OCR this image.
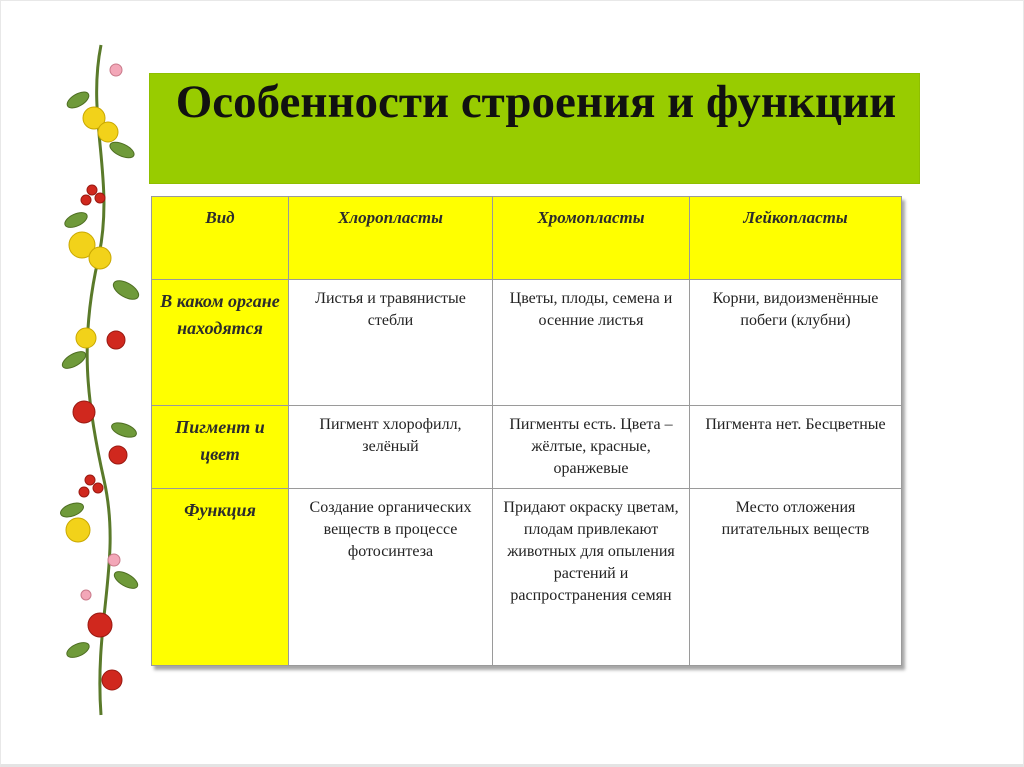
Особенности строения и функции
Вид	Хлоропласты	Хромопласты	Лейкопласты
В каком органе находятся	Листья и травянистые стебли	Цветы, плоды, семена и осенние листья	Корни, видоизменённые побеги (клубни)
Пигмент и цвет	Пигмент хлорофилл, зелёный	Пигменты есть. Цвета – жёлтые, красные, оранжевые	Пигмента нет. Бесцветные
Функция	Создание органических веществ в процессе фотосинтеза	Придают окраску цветам, плодам привлекают животных для опыления растений и распространения семян	Место отложения питательных веществ
